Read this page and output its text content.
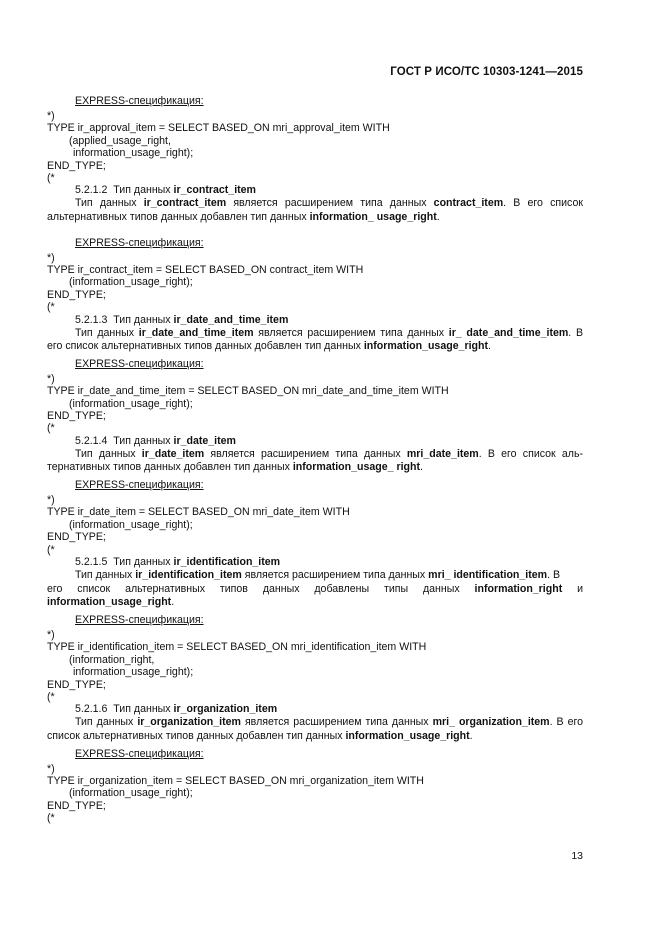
ГОСТ Р ИСО/ТС 10303-1241—2015
EXPRESS-спецификация:
*)
TYPE ir_approval_item = SELECT BASED_ON mri_approval_item WITH
(applied_usage_right,
information_usage_right);
END_TYPE;
(*
5.2.1.2 Тип данных ir_contract_item
Тип данных ir_contract_item является расширением типа данных contract_item. В его список альтернативных типов данных добавлен тип данных information_ usage_right.
EXPRESS-спецификация:
*)
TYPE ir_contract_item = SELECT BASED_ON contract_item WITH
(information_usage_right);
END_TYPE;
(*
5.2.1.3 Тип данных ir_date_and_time_item
Тип данных ir_date_and_time_item является расширением типа данных ir_ date_and_time_item. В его список альтернативных типов данных добавлен тип данных information_usage_right.
EXPRESS-спецификация:
*)
TYPE ir_date_and_time_item = SELECT BASED_ON mri_date_and_time_item WITH
(information_usage_right);
END_TYPE;
(*
5.2.1.4 Тип данных ir_date_item
Тип данных ir_date_item является расширением типа данных mri_date_item. В его список аль-тернативных типов данных добавлен тип данных information_usage_ right.
EXPRESS-спецификация:
*)
TYPE ir_date_item = SELECT BASED_ON mri_date_item WITH
(information_usage_right);
END_TYPE;
(*
5.2.1.5 Тип данных ir_identification_item
Тип данных ir_identification_item является расширением типа данных mri_ identification_item. В
его список альтернативных типов данных добавлены типы данных information_right и
information_usage_right.
EXPRESS-спецификация:
*)
TYPE ir_identification_item = SELECT BASED_ON mri_identification_item WITH
(information_right,
information_usage_right);
END_TYPE;
(*
5.2.1.6 Тип данных ir_organization_item
Тип данных ir_organization_item является расширением типа данных mri_ organization_item. В его список альтернативных типов данных добавлен тип данных information_usage_right.
EXPRESS-спецификация:
*)
TYPE ir_organization_item = SELECT BASED_ON mri_organization_item WITH
(information_usage_right);
END_TYPE;
(*
13
